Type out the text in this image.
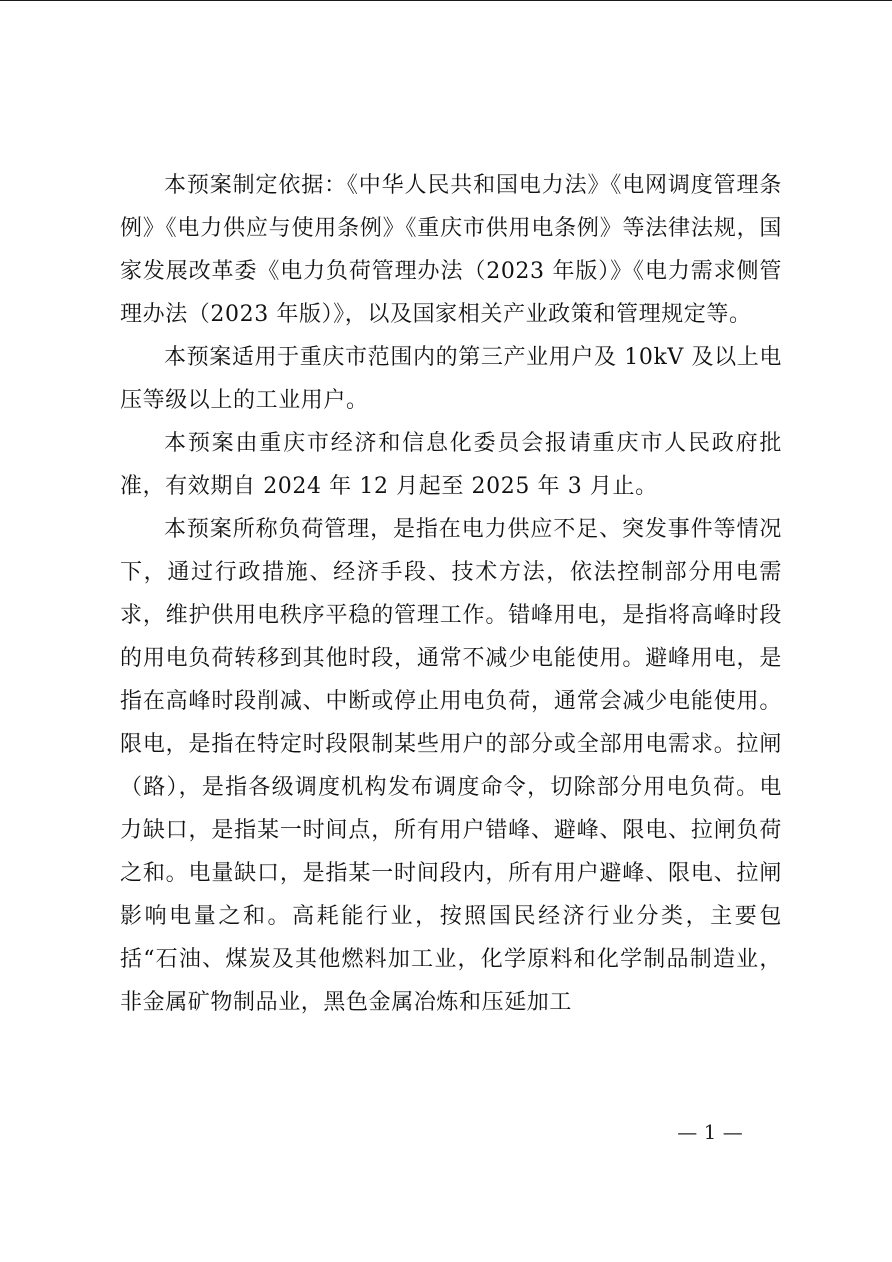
本预案制定依据：《中华人民共和国电力法》《电网调度管理条例》《电力供应与使用条例》《重庆市供用电条例》等法律法规，国家发展改革委《电力负荷管理办法（2023 年版）》《电力需求侧管理办法（2023 年版）》，以及国家相关产业政策和管理规定等。

本预案适用于重庆市范围内的第三产业用户及 10kV 及以上电压等级以上的工业用户。

本预案由重庆市经济和信息化委员会报请重庆市人民政府批准，有效期自 2024 年 12 月起至 2025 年 3 月止。

本预案所称负荷管理，是指在电力供应不足、突发事件等情况下，通过行政措施、经济手段、技术方法，依法控制部分用电需求，维护供用电秩序平稳的管理工作。错峰用电，是指将高峰时段的用电负荷转移到其他时段，通常不减少电能使用。避峰用电，是指在高峰时段削减、中断或停止用电负荷，通常会减少电能使用。限电，是指在特定时段限制某些用户的部分或全部用电需求。拉闸（路），是指各级调度机构发布调度命令，切除部分用电负荷。电力缺口，是指某一时间点，所有用户错峰、避峰、限电、拉闸负荷之和。电量缺口，是指某一时间段内，所有用户避峰、限电、拉闸影响电量之和。高耗能行业，按照国民经济行业分类，主要包括“石油、煤炭及其他燃料加工业，化学原料和化学制品制造业，非金属矿物制品业，黑色金属冶炼和压延加工

— 1 —
